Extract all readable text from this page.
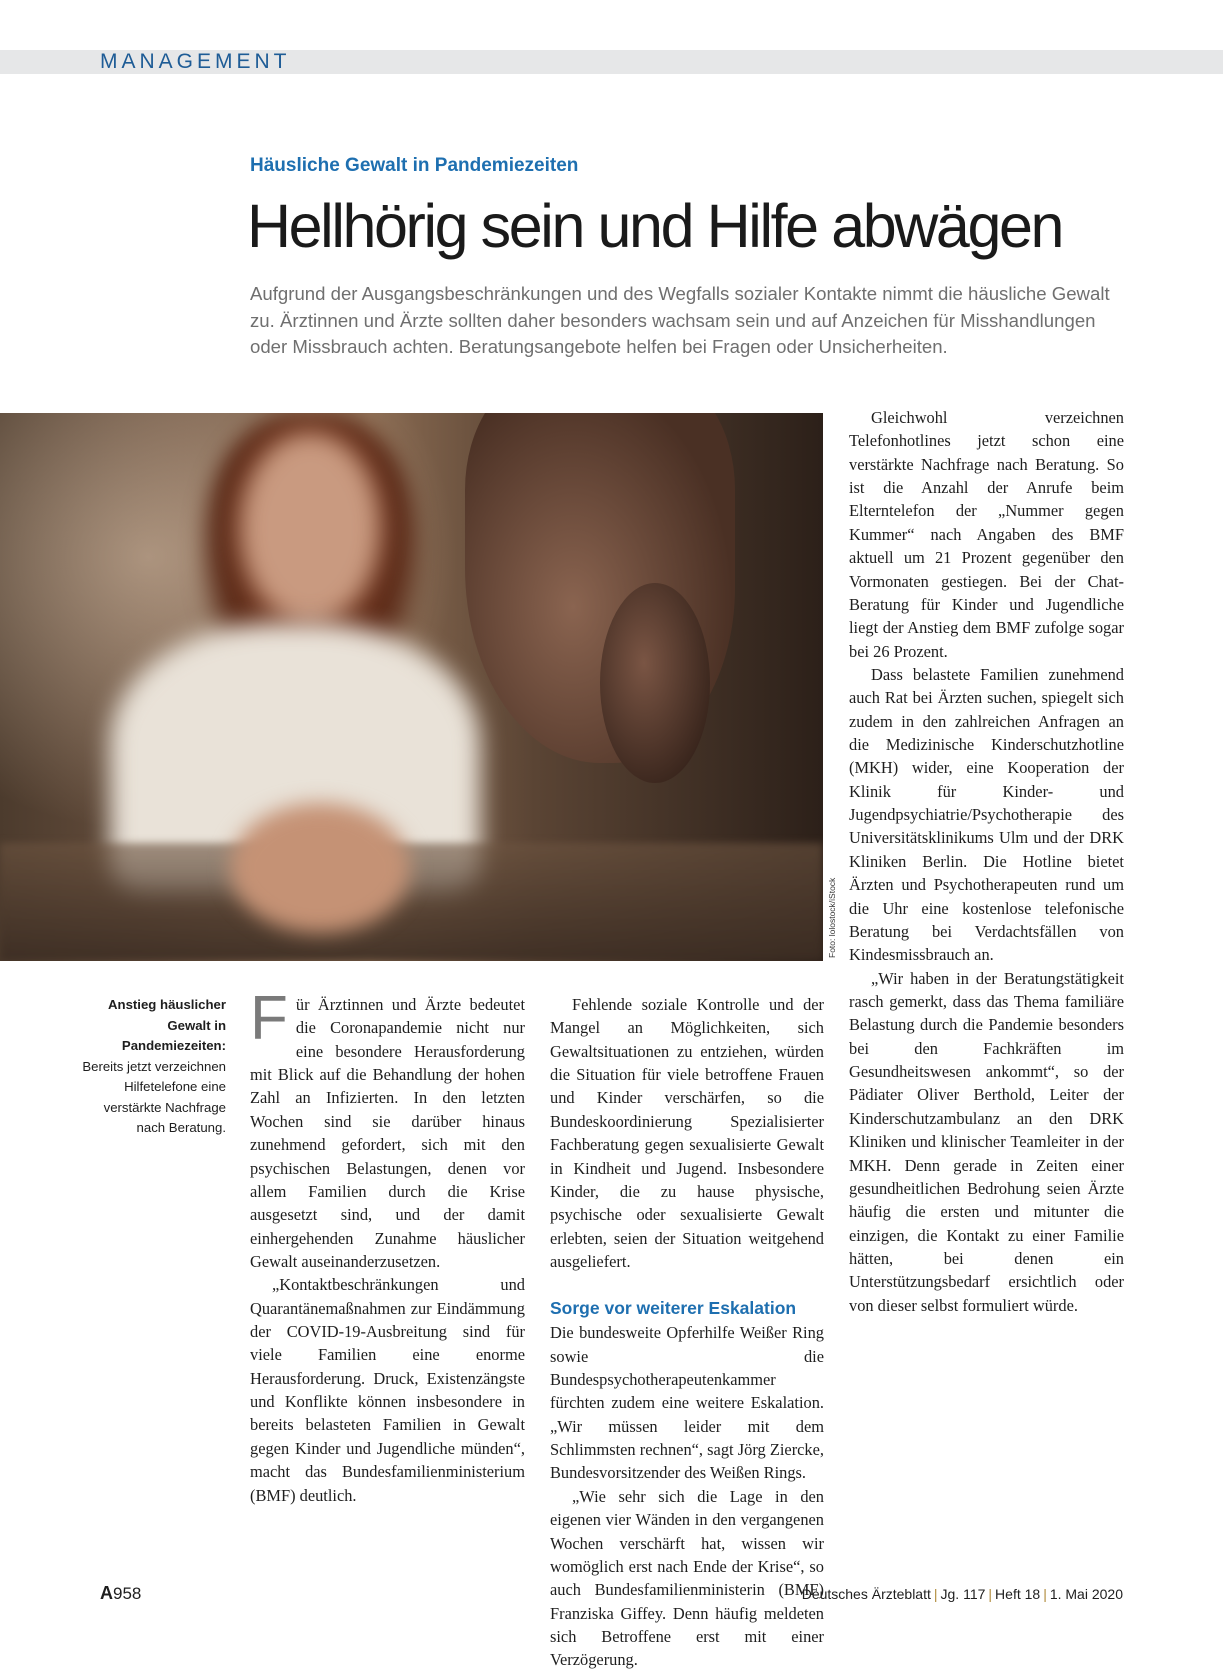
MANAGEMENT
Häusliche Gewalt in Pandemiezeiten
Hellhörig sein und Hilfe abwägen
Aufgrund der Ausgangsbeschränkungen und des Wegfalls sozialer Kontakte nimmt die häusliche Gewalt zu. Ärztinnen und Ärzte sollten daher besonders wachsam sein und auf Anzeichen für Misshandlungen oder Missbrauch achten. Beratungsangebote helfen bei Fragen oder Unsicherheiten.
Foto: lolostock/iStock
Anstieg häuslicher Gewalt in Pandemiezeiten: Bereits jetzt verzeichnen Hilfetelefone eine verstärkte Nachfrage nach Beratung.

Für Ärztinnen und Ärzte bedeutet die Coronapandemie nicht nur eine besondere Herausforderung mit Blick auf die Behandlung der hohen Zahl an Infizierten. In den letzten Wochen sind sie darüber hinaus zunehmend gefordert, sich mit den psychischen Belastungen, denen vor allem Familien durch die Krise ausgesetzt sind, und der damit einhergehenden Zunahme häuslicher Gewalt auseinanderzusetzen.

„Kontaktbeschränkungen und Quarantänemaßnahmen zur Eindämmung der COVID-19-Ausbreitung sind für viele Familien eine enorme Herausforderung. Druck, Existenzängste und Konflikte können insbesondere in bereits belasteten Familien in Gewalt gegen Kinder und Jugendliche münden“, macht das Bundesfamilienministerium (BMF) deutlich.

Fehlende soziale Kontrolle und der Mangel an Möglichkeiten, sich Gewaltsituationen zu entziehen, würden die Situation für viele betroffene Frauen und Kinder verschärfen, so die Bundeskoordinierung Spezialisierter Fachberatung gegen sexualisierte Gewalt in Kindheit und Jugend. Insbesondere Kinder, die zu hause physische, psychische oder sexualisierte Gewalt erlebten, seien der Situation weitgehend ausgeliefert.

Sorge vor weiterer Eskalation

Die bundesweite Opferhilfe Weißer Ring sowie die Bundespsychotherapeutenkammer fürchten zudem eine weitere Eskalation. „Wir müssen leider mit dem Schlimmsten rechnen“, sagt Jörg Ziercke, Bundesvorsitzender des Weißen Rings.

„Wie sehr sich die Lage in den eigenen vier Wänden in den vergangenen Wochen verschärft hat, wissen wir womöglich erst nach Ende der Krise“, so auch Bundesfamilienministerin (BMF) Franziska Giffey. Denn häufig meldeten sich Betroffene erst mit einer Verzögerung.

Gleichwohl verzeichnen Telefonhotlines jetzt schon eine verstärkte Nachfrage nach Beratung. So ist die Anzahl der Anrufe beim Elterntelefon der „Nummer gegen Kummer“ nach Angaben des BMF aktuell um 21 Prozent gegenüber den Vormonaten gestiegen. Bei der Chat-Beratung für Kinder und Jugendliche liegt der Anstieg dem BMF zufolge sogar bei 26 Prozent.

Dass belastete Familien zunehmend auch Rat bei Ärzten suchen, spiegelt sich zudem in den zahlreichen Anfragen an die Medizinische Kinderschutzhotline (MKH) wider, eine Kooperation der Klinik für Kinder- und Jugendpsychiatrie/Psychotherapie des Universitätsklinikums Ulm und der DRK Kliniken Berlin. Die Hotline bietet Ärzten und Psychotherapeuten rund um die Uhr eine kostenlose telefonische Beratung bei Verdachtsfällen von Kindesmissbrauch an.

„Wir haben in der Beratungstätigkeit rasch gemerkt, dass das Thema familiäre Belastung durch die Pandemie besonders bei den Fachkräften im Gesundheitswesen ankommt“, so der Pädiater Oliver Berthold, Leiter der Kinderschutzambulanz an den DRK Kliniken und klinischer Teamleiter in der MKH. Denn gerade in Zeiten einer gesundheitlichen Bedrohung seien Ärzte häufig die ersten und mitunter die einzigen, die Kontakt zu einer Familie hätten, bei denen ein Unterstützungsbedarf ersichtlich oder von dieser selbst formuliert würde.

A958	Deutsches Ärzteblatt | Jg. 117 | Heft 18 | 1. Mai 2020
